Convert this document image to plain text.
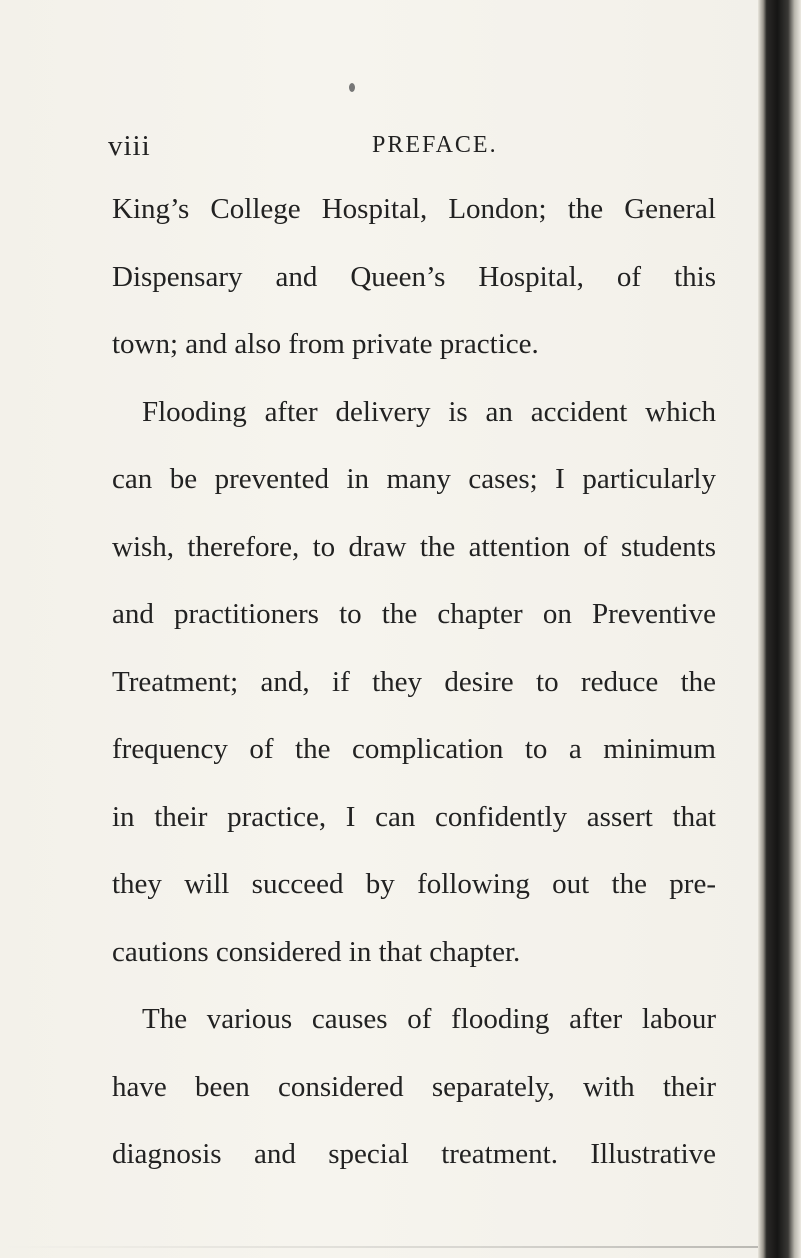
viii	PREFACE.
King’s College Hospital, London; the General
Dispensary and Queen’s Hospital, of this
town; and also from private practice.
Flooding after delivery is an accident which
can be prevented in many cases; I particularly
wish, therefore, to draw the attention of students
and practitioners to the chapter on Preventive
Treatment; and, if they desire to reduce the
frequency of the complication to a minimum
in their practice, I can confidently assert that
they will succeed by following out the pre-
cautions considered in that chapter.
The various causes of flooding after labour
have been considered separately, with their
diagnosis and special treatment. Illustrative
